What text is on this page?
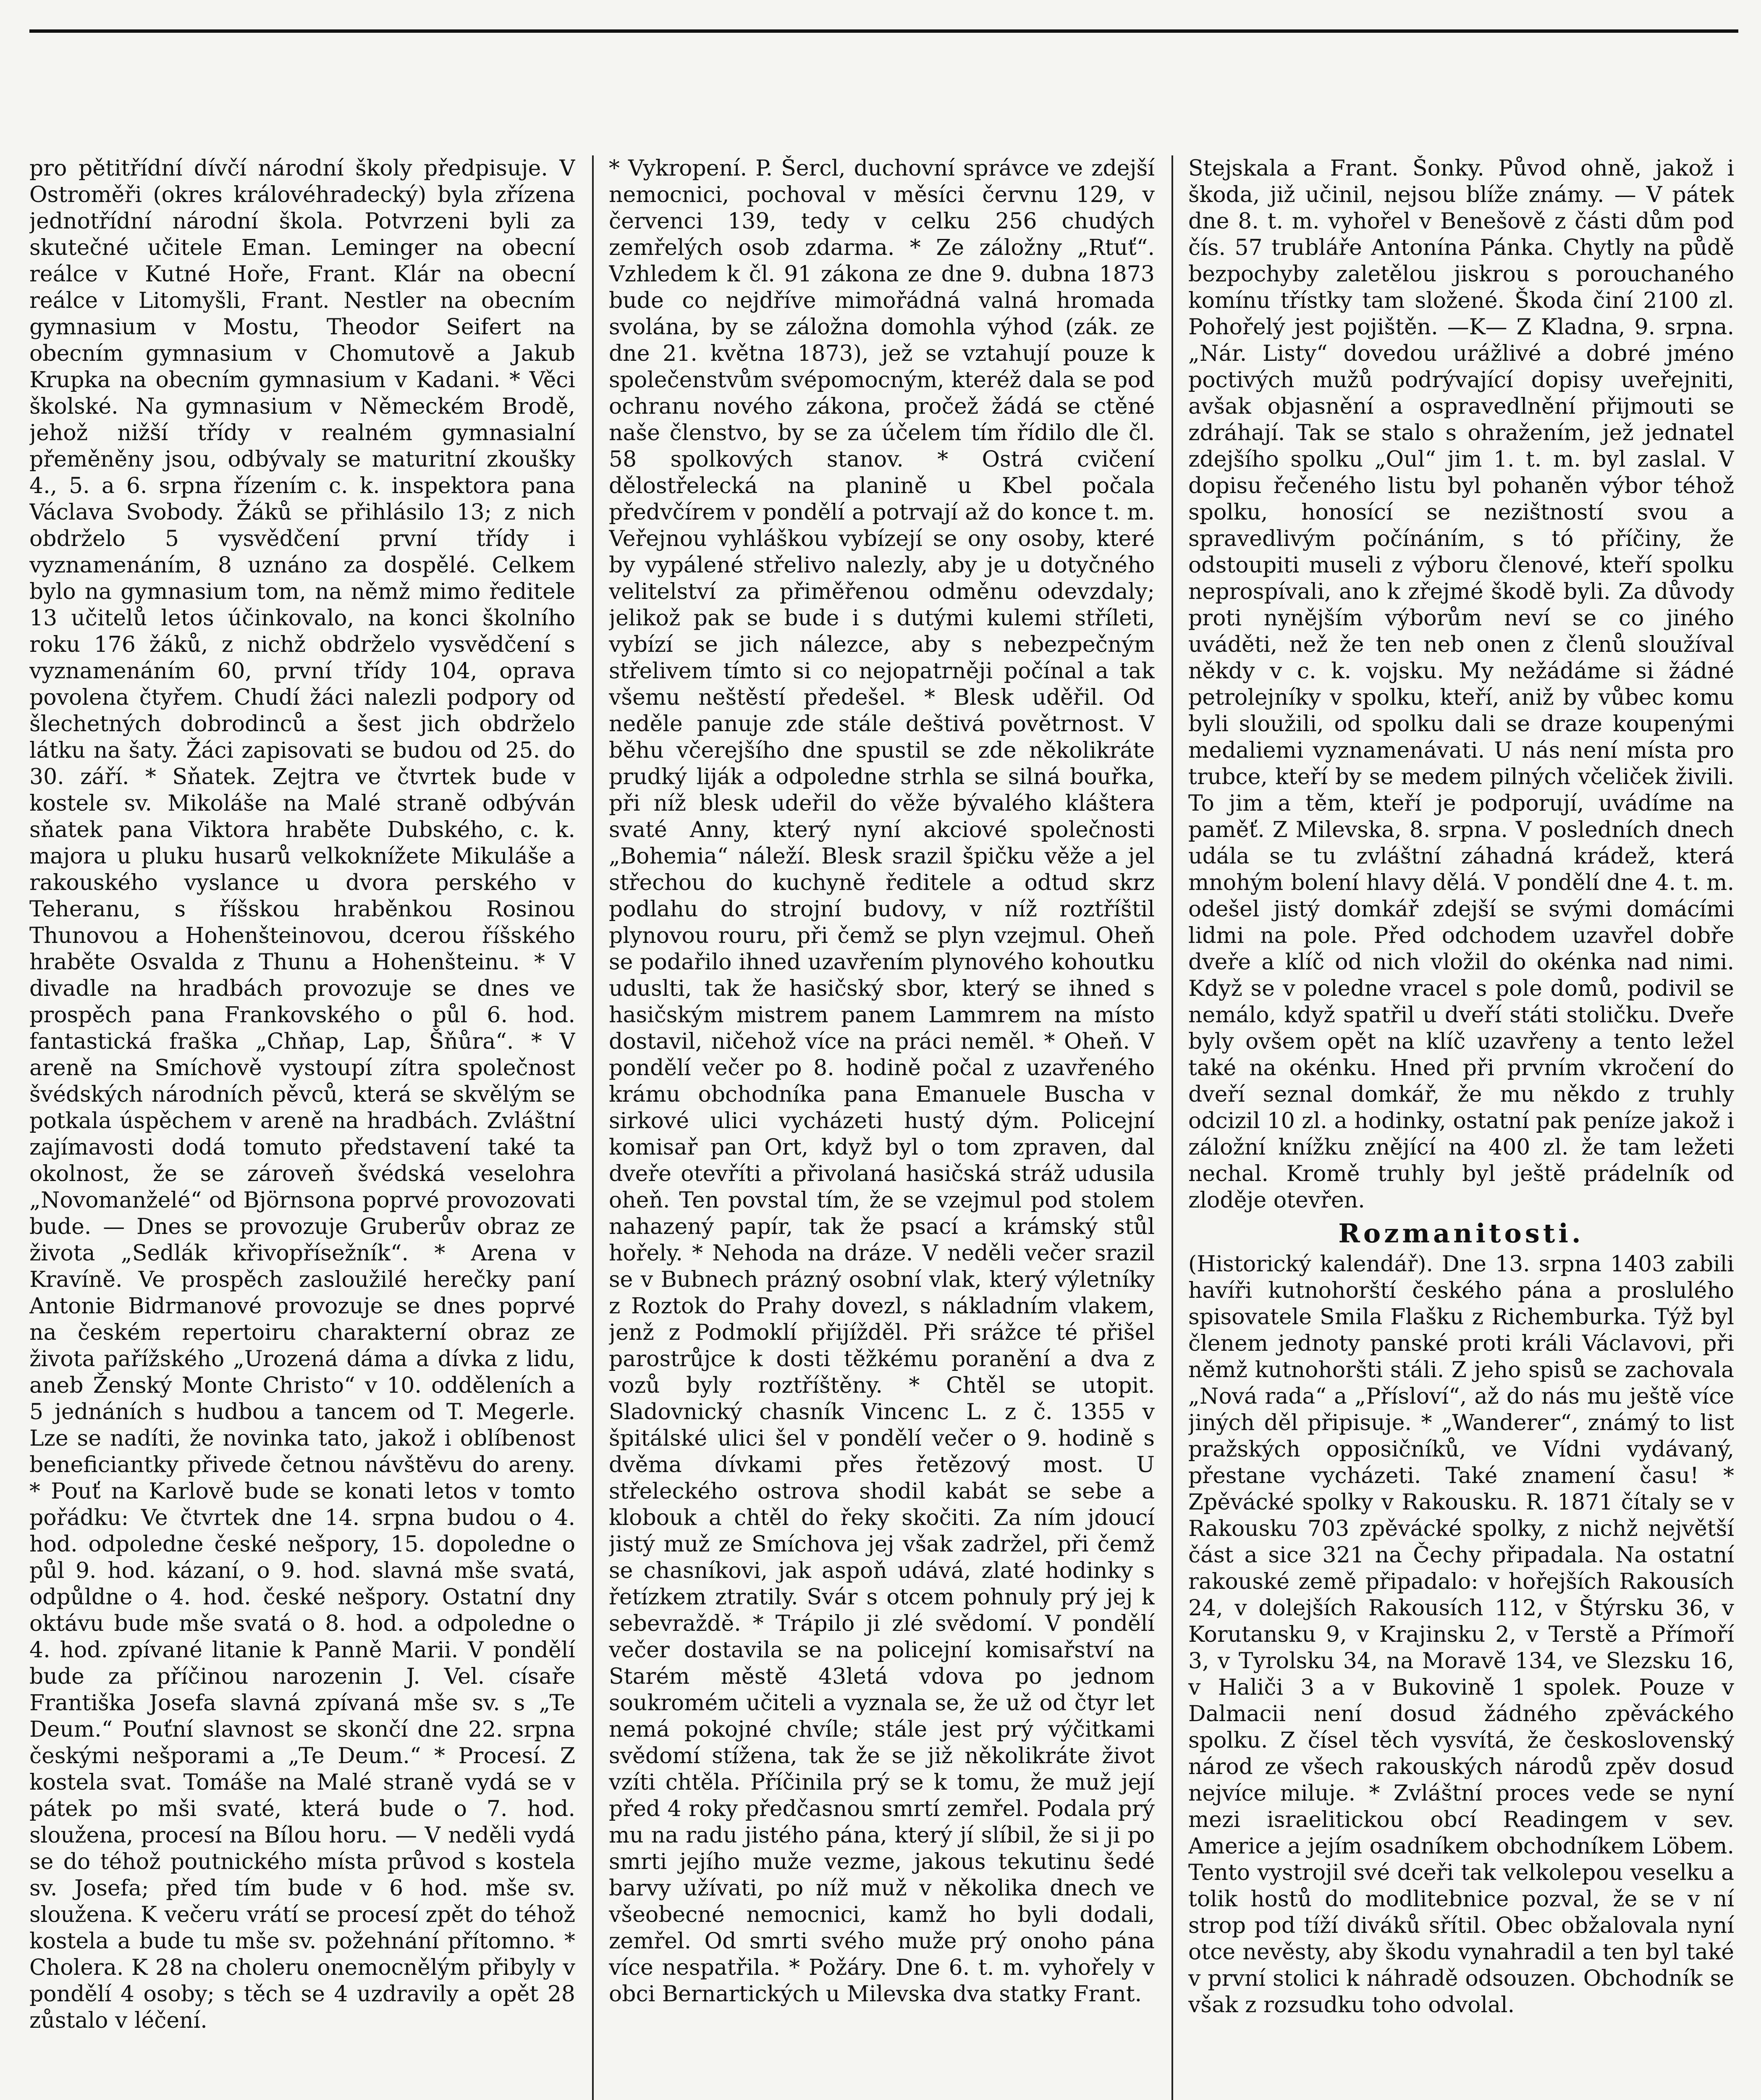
pro pětitřídní dívčí národní školy předpisuje. V Ostroměři (okres královéhradecký) byla zřízena jednotřídní národní škola. Potvrzeni byli za skutečné učitele Eman. Leminger na obecní reálce v Kutné Hoře, Frant. Klár na obecní reálce v Litomyšli, Frant. Nestler na obecním gymnasium v Mostu, Theodor Seifert na obecním gymnasium v Chomutově a Jakub Krupka na obecním gymnasium v Kadani. * Věci školské. Na gymnasium v Německém Brodě, jehož nižší třídy v realném gymnasialní přeměněny jsou, odbývaly se maturitní zkoušky 4., 5. a 6. srpna řízením c. k. inspektora pana Václava Svobody. Žáků se přihlásilo 13; z nich obdrželo 5 vysvědčení první třídy i vyznamenáním, 8 uznáno za dospělé. Celkem bylo na gymnasium tom, na němž mimo ředitele 13 učitelů letos účinkovalo, na konci školního roku 176 žáků, z nichž obdrželo vysvědčení s vyznamenáním 60, první třídy 104, oprava povolena čtyřem. Chudí žáci nalezli podpory od šlechetných dobrodinců a šest jich obdrželo látku na šaty. Žáci zapisovati se budou od 25. do 30. září. * Sňatek. Zejtra ve čtvrtek bude v kostele sv. Mikoláše na Malé straně odbýván sňatek pana Viktora hraběte Dubského, c. k. majora u pluku husarů velkoknížete Mikuláše a rakouského vyslance u dvora perského v Teheranu, s říšskou hraběnkou Rosinou Thunovou a Hohenšteinovou, dcerou říšského hraběte Osvalda z Thunu a Hohenšteinu. * V divadle na hradbách provozuje se dnes ve prospěch pana Frankovského o půl 6. hod. fantastická fraška „Chňap, Lap, Šňůra“. * V areně na Smíchově vystoupí zítra společnost švédských národních pěvců, která se skvělým se potkala úspěchem v areně na hradbách. Zvláštní zajímavosti dodá tomuto představení také ta okolnost, že se zároveň švédská veselohra „Novomanželé“ od Björnsona poprvé provozovati bude. — Dnes se provozuje Gruberův obraz ze života „Sedlák křivopřísežník“. * Arena v Kravíně. Ve prospěch zasloužilé herečky paní Antonie Bidrmanové provozuje se dnes poprvé na českém repertoiru charakterní obraz ze života pařížského „Urozená dáma a dívka z lidu, aneb Ženský Monte Christo“ v 10. odděleních a 5 jednáních s hudbou a tancem od T. Megerle. Lze se nadíti, že novinka tato, jakož i oblíbenost beneficiantky přivede četnou návštěvu do areny. * Pouť na Karlově bude se konati letos v tomto pořádku: Ve čtvrtek dne 14. srpna budou o 4. hod. odpoledne české nešpory, 15. dopoledne o půl 9. hod. kázaní, o 9. hod. slavná mše svatá, odpůldne o 4. hod. české nešpory. Ostatní dny oktávu bude mše svatá o 8. hod. a odpoledne o 4. hod. zpívané litanie k Panně Marii. V pondělí bude za příčinou narozenin J. Vel. císaře Františka Josefa slavná zpívaná mše sv. s „Te Deum.“ Pouťní slavnost se skončí dne 22. srpna českými nešporami a „Te Deum.“ * Procesí. Z kostela svat. Tomáše na Malé straně vydá se v pátek po mši svaté, která bude o 7. hod. sloužena, procesí na Bílou horu. — V neděli vydá se do téhož poutnického místa průvod s kostela sv. Josefa; před tím bude v 6 hod. mše sv. sloužena. K večeru vrátí se procesí zpět do téhož kostela a bude tu mše sv. požehnání přítomno. * Cholera. K 28 na choleru onemocnělým přibyly v pondělí 4 osoby; s těch se 4 uzdravily a opět 28 zůstalo v léčení.

* Vykropení. P. Šercl, duchovní správce ve zdejší nemocnici, pochoval v měsíci červnu 129, v červenci 139, tedy v celku 256 chudých zemřelých osob zdarma. * Ze záložny „Rtuť“. Vzhledem k čl. 91 zákona ze dne 9. dubna 1873 bude co nejdříve mimořádná valná hromada svolána, by se záložna domohla výhod (zák. ze dne 21. května 1873), jež se vztahují pouze k společenstvům svépomocným, kteréž dala se pod ochranu nového zákona, pročež žádá se ctěné naše členstvo, by se za účelem tím řídilo dle čl. 58 spolkových stanov. * Ostrá cvičení dělostřelecká na planině u Kbel počala předvčírem v pondělí a potrvají až do konce t. m. Veřejnou vyhláškou vybízejí se ony osoby, které by vypálené střelivo nalezly, aby je u dotyčného velitelství za přiměřenou odměnu odevzdaly; jelikož pak se bude i s dutými kulemi stříleti, vybízí se jich nálezce, aby s nebezpečným střelivem tímto si co nejopatrněji počínal a tak všemu neštěstí předešel. * Blesk uděřil. Od neděle panuje zde stále deštivá povětrnost. V běhu včerejšího dne spustil se zde několikráte prudký liják a odpoledne strhla se silná bouřka, při níž blesk udeřil do věže bývalého kláštera svaté Anny, který nyní akciové společnosti „Bohemia“ náleží. Blesk srazil špičku věže a jel střechou do kuchyně ředitele a odtud skrz podlahu do strojní budovy, v níž roztříštil plynovou rouru, při čemž se plyn vzejmul. Oheň se podařilo ihned uzavřením plynového kohoutku uduslti, tak že hasičský sbor, který se ihned s hasičským mistrem panem Lammrem na místo dostavil, ničehož více na práci neměl. * Oheň. V pondělí večer po 8. hodině počal z uzavřeného krámu obchodníka pana Emanuele Buscha v sirkové ulici vycházeti hustý dým. Policejní komisař pan Ort, když byl o tom zpraven, dal dveře otevříti a přivolaná hasičská stráž udusila oheň. Ten povstal tím, že se vzejmul pod stolem nahazený papír, tak že psací a krámský stůl hořely. * Nehoda na dráze. V neděli večer srazil se v Bubnech prázný osobní vlak, který výletníky z Roztok do Prahy dovezl, s nákladním vlakem, jenž z Podmoklí přijížděl. Při srážce té přišel parostrůjce k dosti těžkému poranění a dva z vozů byly roztříštěny. * Chtěl se utopit. Sladovnický chasník Vincenc L. z č. 1355 v špitálské ulici šel v pondělí večer o 9. hodině s dvěma dívkami přes řetězový most. U střeleckého ostrova shodil kabát se sebe a klobouk a chtěl do řeky skočiti. Za ním jdoucí jistý muž ze Smíchova jej však zadržel, při čemž se chasníkovi, jak aspoň udává, zlaté hodinky s řetízkem ztratily. Svár s otcem pohnuly prý jej k sebevraždě. * Trápilo ji zlé svědomí. V pondělí večer dostavila se na policejní komisařství na Starém městě 43letá vdova po jednom soukromém učiteli a vyznala se, že už od čtyr let nemá pokojné chvíle; stále jest prý výčitkami svědomí stížena, tak že se již několikráte život vzíti chtěla. Příčinila prý se k tomu, že muž její před 4 roky předčasnou smrtí zemřel. Podala prý mu na radu jistého pána, který jí slíbil, že si ji po smrti jejího muže vezme, jakous tekutinu šedé barvy užívati, po níž muž v několika dnech ve všeobecné nemocnici, kamž ho byli dodali, zemřel. Od smrti svého muže prý onoho pána více nespatřila. * Požáry. Dne 6. t. m. vyhořely v obci Bernartických u Milevska dva statky Frant.

Stejskala a Frant. Šonky. Původ ohně, jakož i škoda, již učinil, nejsou blíže známy. — V pátek dne 8. t. m. vyhořel v Benešově z části dům pod čís. 57 trubláře Antonína Pánka. Chytly na půdě bezpochyby zaletělou jiskrou s porouchaného komínu třístky tam složené. Škoda činí 2100 zl. Pohořelý jest pojištěn. —K— Z Kladna, 9. srpna. „Nár. Listy“ dovedou urážlivé a dobré jméno poctivých mužů podrývající dopisy uveřejniti, avšak objasnění a ospravedlnění přijmouti se zdráhají. Tak se stalo s ohražením, jež jednatel zdejšího spolku „Oul“ jim 1. t. m. byl zaslal. V dopisu řečeného listu byl pohaněn výbor téhož spolku, honosící se nezištností svou a spravedlivým počínáním, s tó příčiny, že odstoupiti museli z výboru členové, kteří spolku neprospívali, ano k zřejmé škodě byli. Za důvody proti nynějším výborům neví se co jiného uváděti, než že ten neb onen z členů sloužíval někdy v c. k. vojsku. My nežádáme si žádné petrolejníky v spolku, kteří, aniž by vůbec komu byli sloužili, od spolku dali se draze koupenými medaliemi vyznamenávati. U nás není místa pro trubce, kteří by se medem pilných včeliček živili. To jim a těm, kteří je podporují, uvádíme na paměť. Z Milevska, 8. srpna. V posledních dnech udála se tu zvláštní záhadná krádež, která mnohým bolení hlavy dělá. V pondělí dne 4. t. m. odešel jistý domkář zdejší se svými domácími lidmi na pole. Před odchodem uzavřel dobře dveře a klíč od nich vložil do okénka nad nimi. Když se v poledne vracel s pole domů, podivil se nemálo, když spatřil u dveří státi stoličku. Dveře byly ovšem opět na klíč uzavřeny a tento ležel také na okénku. Hned při prvním vkročení do dveří seznal domkář, že mu někdo z truhly odcizil 10 zl. a hodinky, ostatní pak peníze jakož i záložní knížku znějící na 400 zl. že tam ležeti nechal. Kromě truhly byl ještě prádelník od zloděje otevřen.

Rozmanitosti.

(Historický kalendář). Dne 13. srpna 1403 zabili havíři kutnohorští českého pána a proslulého spisovatele Smila Flašku z Richemburka. Týž byl členem jednoty panské proti králi Václavovi, při němž kutnohoršti stáli. Z jeho spisů se zachovala „Nová rada“ a „Přísloví“, až do nás mu ještě více jiných děl připisuje. * „Wanderer“, známý to list pražských opposičníků, ve Vídni vydávaný, přestane vycházeti. Také znamení času! * Zpěvácké spolky v Rakousku. R. 1871 čítaly se v Rakousku 703 zpěvácké spolky, z nichž největší část a sice 321 na Čechy připadala. Na ostatní rakouské země připadalo: v hořejších Rakousích 24, v dolejších Rakousích 112, v Štýrsku 36, v Korutansku 9, v Krajinsku 2, v Terstě a Přímoří 3, v Tyrolsku 34, na Moravě 134, ve Slezsku 16, v Haliči 3 a v Bukovině 1 spolek. Pouze v Dalmacii není dosud žádného zpěváckého spolku. Z čísel těch vysvítá, že československý národ ze všech rakouských národů zpěv dosud nejvíce miluje. * Zvláštní proces vede se nyní mezi israelitickou obcí Readingem v sev. Americe a jejím osadníkem obchodníkem Löbem. Tento vystrojil své dceři tak velkolepou veselku a tolik hostů do modlitebnice pozval, že se v ní strop pod tíží diváků sřítil. Obec obžalovala nyní otce nevěsty, aby škodu vynahradil a ten byl také v první stolici k náhradě odsouzen. Obchodník se však z rozsudku toho odvolal.
